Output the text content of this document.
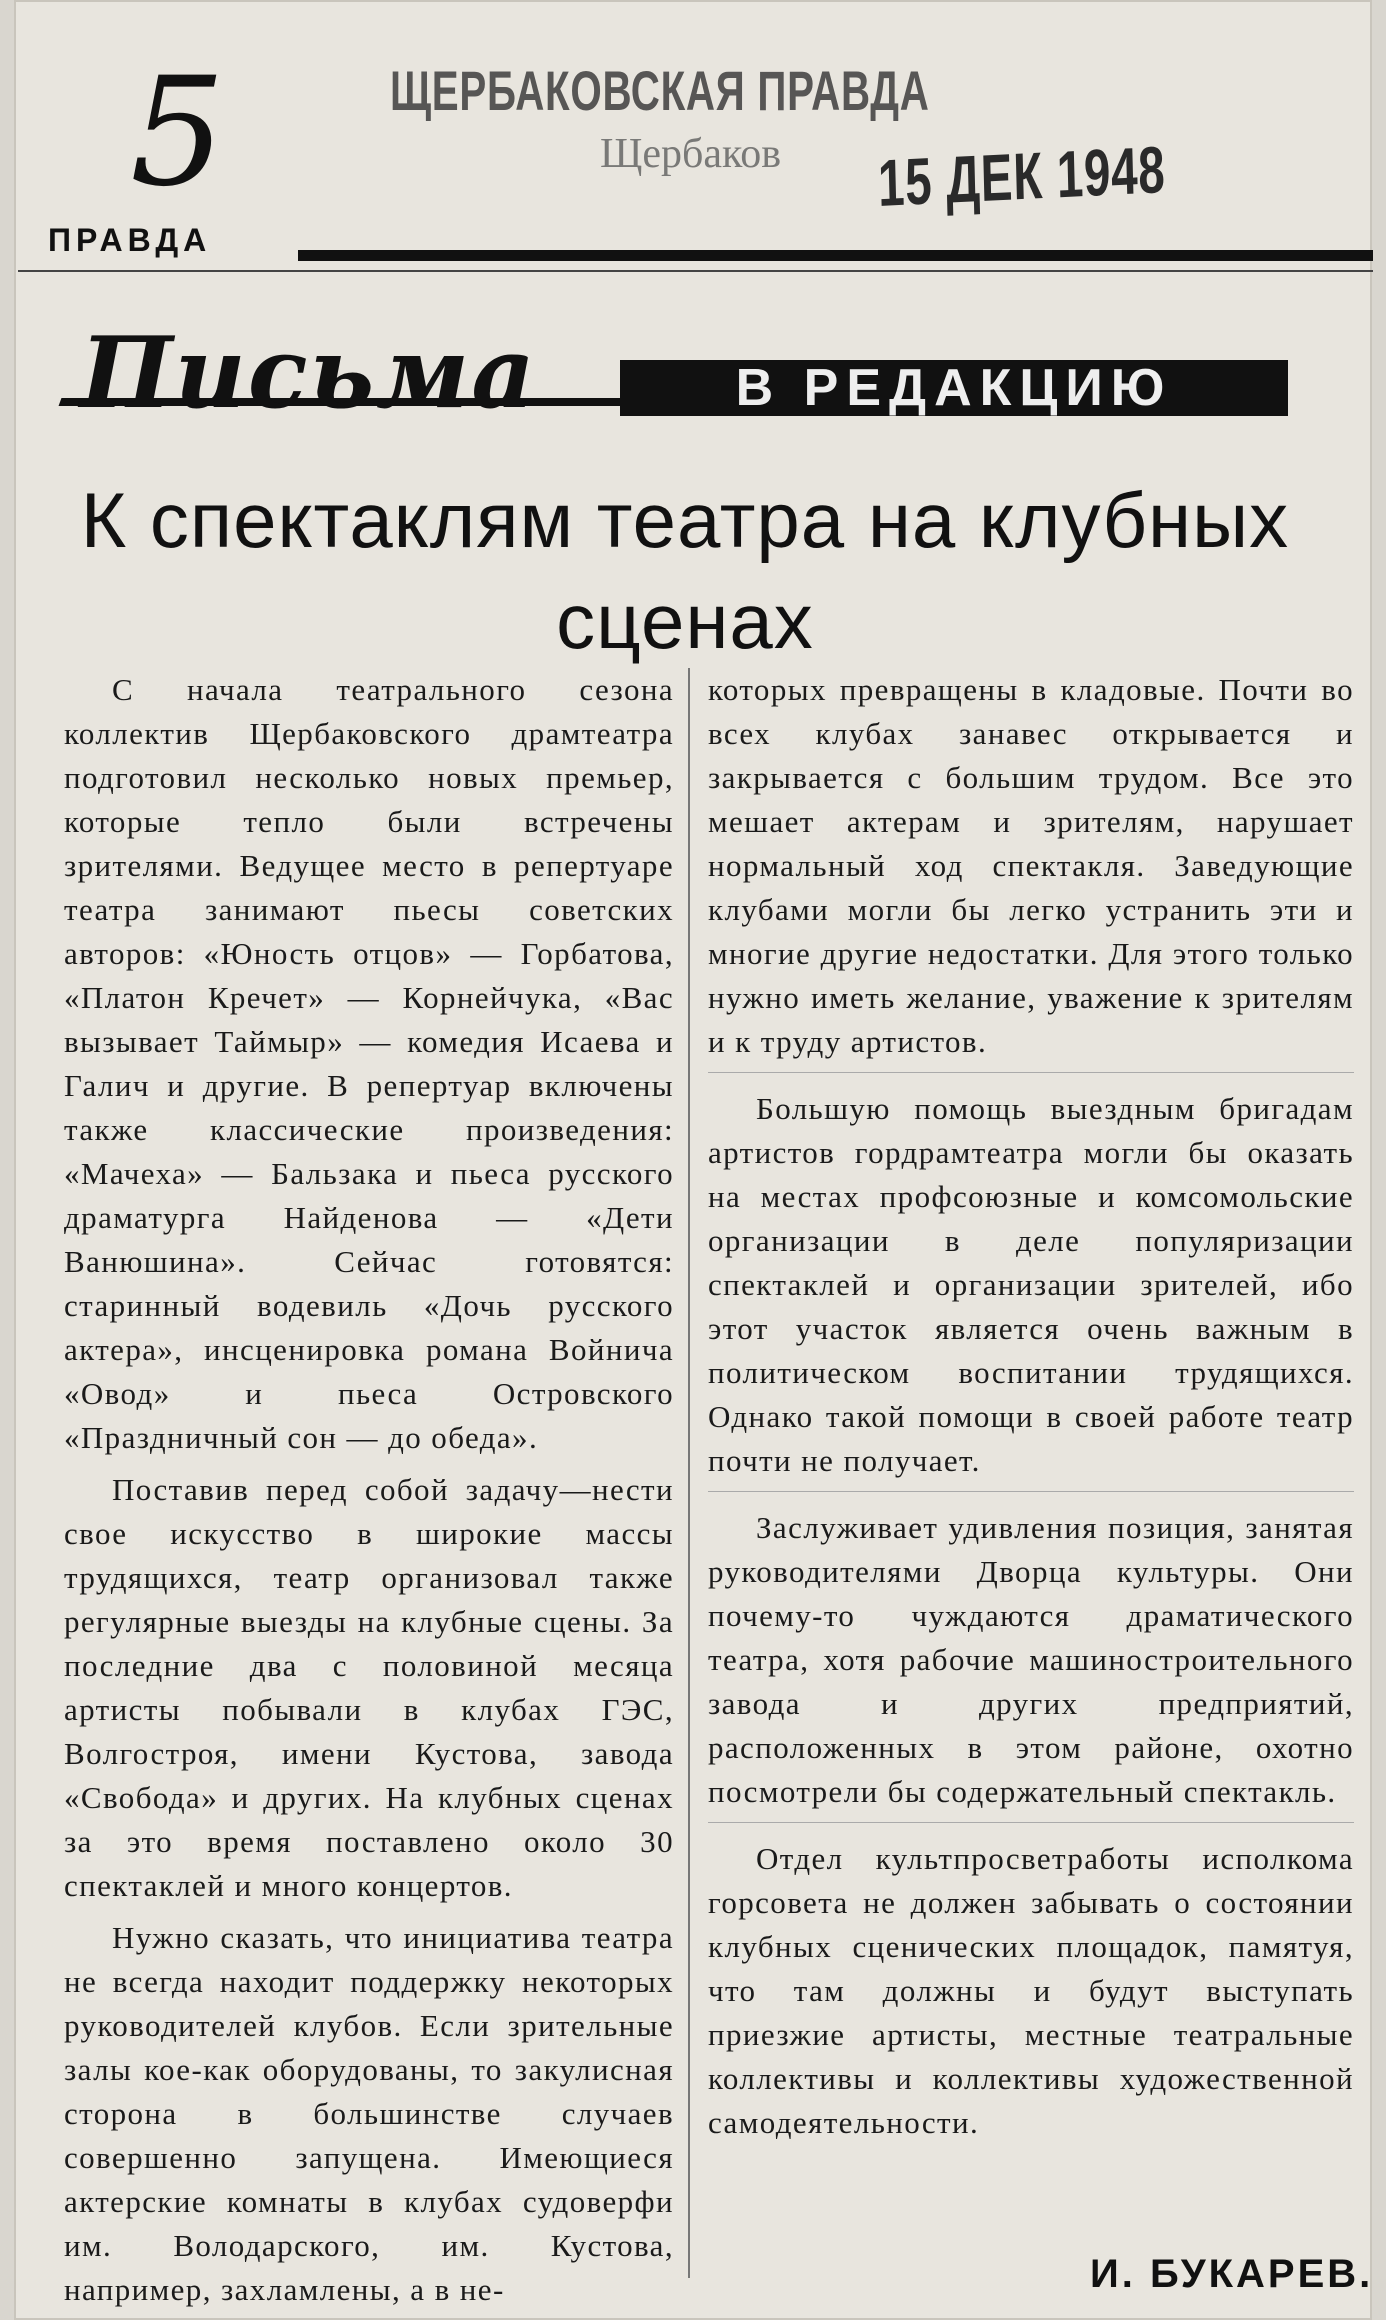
ЩЕРБАКОВСКАЯ ПРАВДА
Щербаков 15 ДЕК 1948
5
ПРАВДА
Письма	В РЕДАКЦИЮ
К спектаклям театра на клубных сценах

С начала театрального сезона коллектив Щербаковского драмтеатра подготовил несколько новых премьер, которые тепло были встречены зрителями. Ведущее место в репертуаре театра занимают пьесы советских авторов: «Юность отцов» — Горбатова, «Платон Кречет» — Корнейчука, «Вас вызывает Таймыр» — комедия Исаева и Галич и другие. В репертуар включены также классические произведения: «Мачеха» — Бальзака и пьеса русского драматурга Найденова — «Дети Ванюшина». Сейчас готовятся: старинный водевиль «Дочь русского актера», инсценировка романа Войнича «Овод» и пьеса Островского «Праздничный сон — до обеда».

Поставив перед собой задачу—нести свое искусство в широкие массы трудящихся, театр организовал также регулярные выезды на клубные сцены. За последние два с половиной месяца артисты побывали в клубах ГЭС, Волгостроя, имени Кустова, завода «Свобода» и других. На клубных сценах за это время поставлено около 30 спектаклей и много концертов.

Нужно сказать, что инициатива театра не всегда находит поддержку некоторых руководителей клубов. Если зрительные залы кое-как оборудованы, то закулисная сторона в большинстве случаев совершенно запущена. Имеющиеся актерские комнаты в клубах судоверфи им. Володарского, им. Кустова, например, захламлены, а в не-

которых превращены в кладовые. Почти во всех клубах занавес открывается и закрывается с большим трудом. Все это мешает актерам и зрителям, нарушает нормальный ход спектакля. Заведующие клубами могли бы легко устранить эти и многие другие недостатки. Для этого только нужно иметь желание, уважение к зрителям и к труду артистов.

Большую помощь выездным бригадам артистов гордрамтеатра могли бы оказать на местах профсоюзные и комсомольские организации в деле популяризации спектаклей и организации зрителей, ибо этот участок является очень важным в политическом воспитании трудящихся. Однако такой помощи в своей работе театр почти не получает.

Заслуживает удивления позиция, занятая руководителями Дворца культуры. Они почему-то чуждаются драматического театра, хотя рабочие машиностроительного завода и других предприятий, расположенных в этом районе, охотно посмотрели бы содержательный спектакль.

Отдел культпросветработы исполкома горсовета не должен забывать о состоянии клубных сценических площадок, памятуя, что там должны и будут выступать приезжие артисты, местные театральные коллективы и коллективы художественной самодеятельности.

И. БУКАРЕВ.
